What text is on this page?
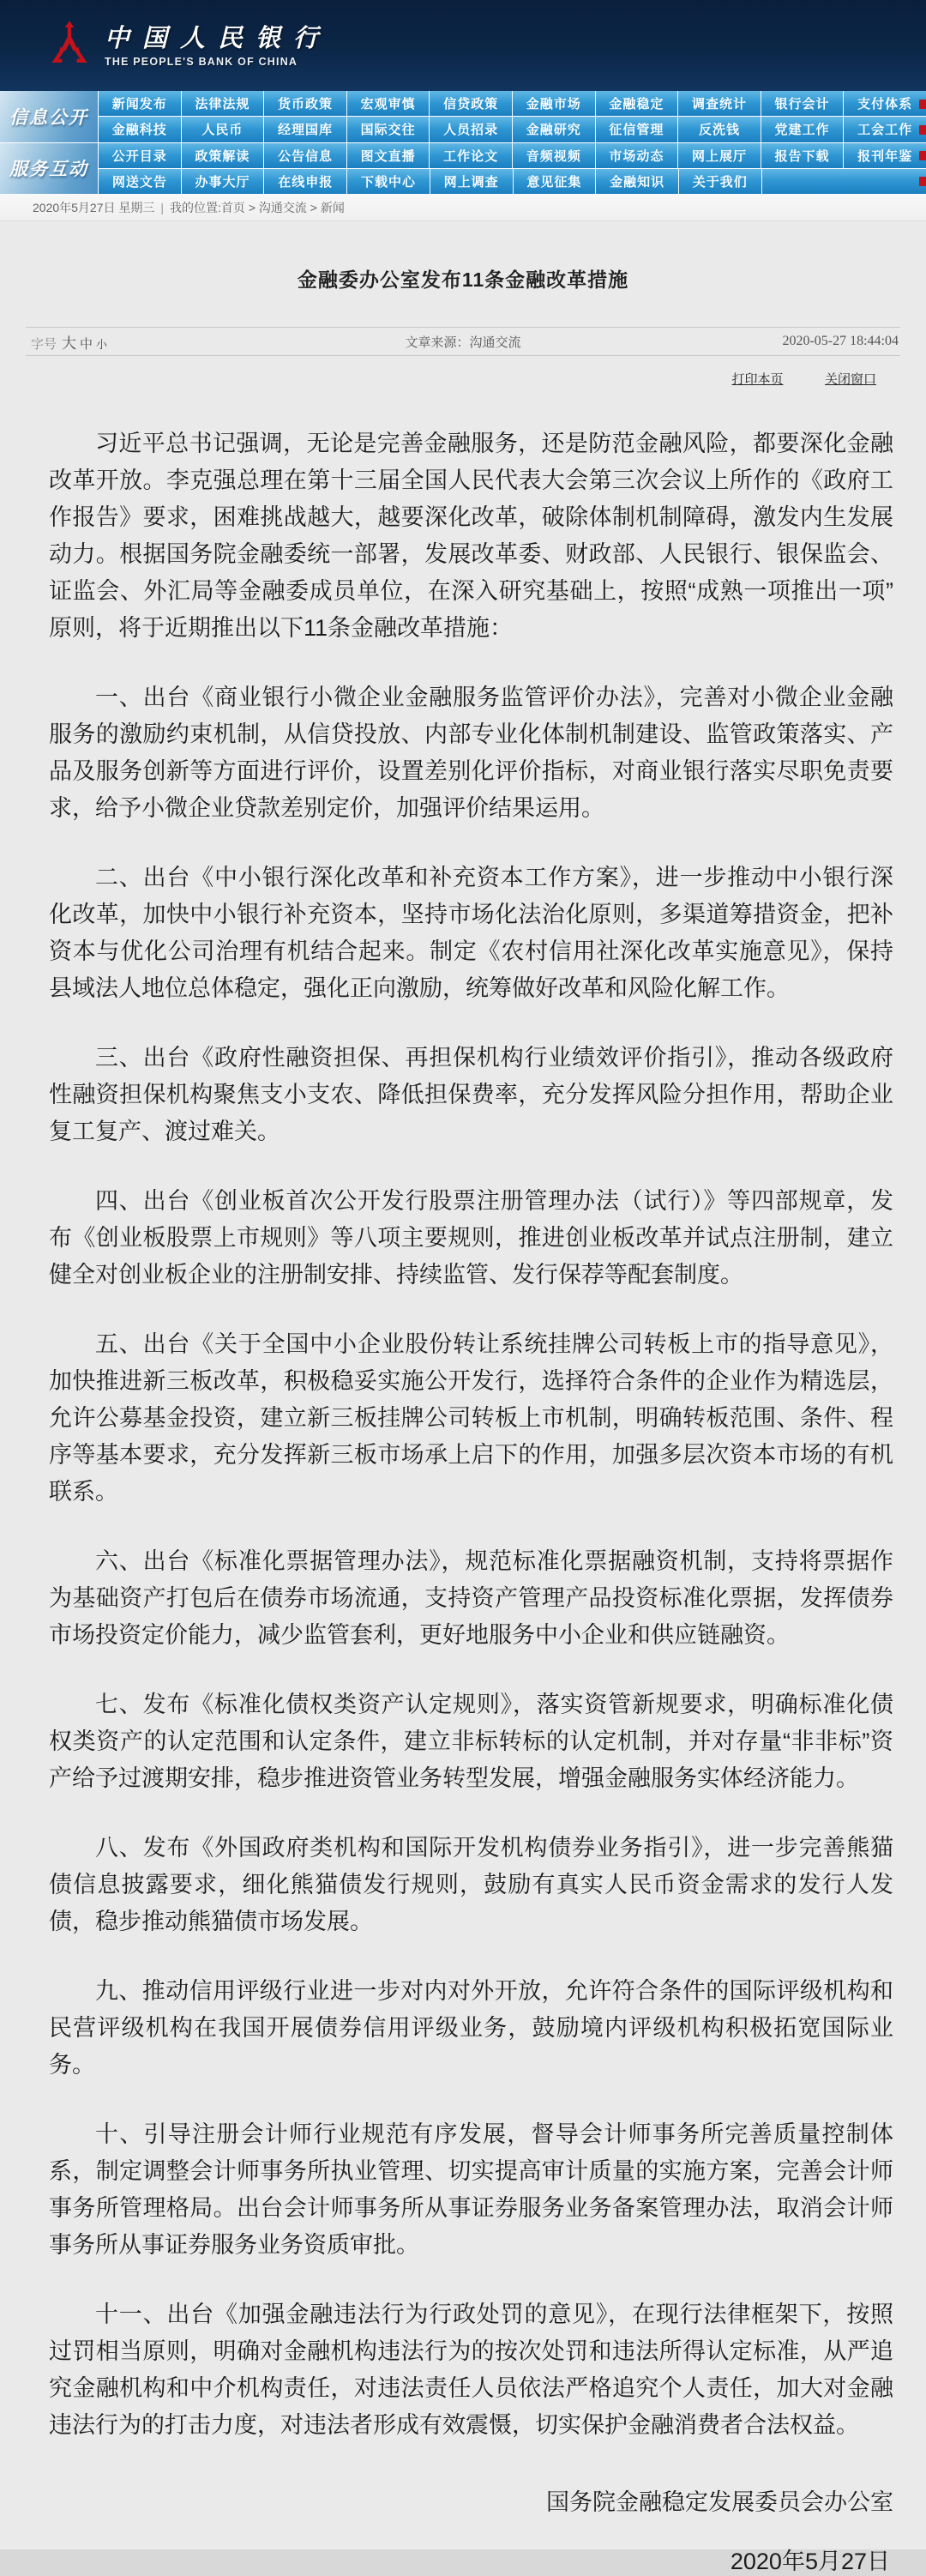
中国人民银行
THE PEOPLE'S BANK OF CHINA
信息公开
服务互动
新闻发布	法律法规	货币政策	宏观审慎	信贷政策	金融市场	金融稳定	调查统计	银行会计	支付体系
金融科技	人民币	经理国库	国际交往	人员招录	金融研究	征信管理	反洗钱	党建工作	工会工作
公开目录	政策解读	公告信息	图文直播	工作论文	音频视频	市场动态	网上展厅	报告下载	报刊年鉴
网送文告	办事大厅	在线申报	下载中心	网上调查	意见征集	金融知识	关于我们
2020年5月27日 星期三 | 我的位置:首页 > 沟通交流 > 新闻
金融委办公室发布11条金融改革措施
字号 大 中 小	文章来源：沟通交流	2020-05-27 18:44:04
打印本页	关闭窗口

习近平总书记强调，无论是完善金融服务，还是防范金融风险，都要深化金融改革开放。李克强总理在第十三届全国人民代表大会第三次会议上所作的《政府工作报告》要求，困难挑战越大，越要深化改革，破除体制机制障碍，激发内生发展动力。根据国务院金融委统一部署，发展改革委、财政部、人民银行、银保监会、证监会、外汇局等金融委成员单位，在深入研究基础上，按照“成熟一项推出一项”原则，将于近期推出以下11条金融改革措施：

一、出台《商业银行小微企业金融服务监管评价办法》，完善对小微企业金融服务的激励约束机制，从信贷投放、内部专业化体制机制建设、监管政策落实、产品及服务创新等方面进行评价，设置差别化评价指标，对商业银行落实尽职免责要求，给予小微企业贷款差别定价，加强评价结果运用。

二、出台《中小银行深化改革和补充资本工作方案》，进一步推动中小银行深化改革，加快中小银行补充资本，坚持市场化法治化原则，多渠道筹措资金，把补资本与优化公司治理有机结合起来。制定《农村信用社深化改革实施意见》，保持县域法人地位总体稳定，强化正向激励，统筹做好改革和风险化解工作。

三、出台《政府性融资担保、再担保机构行业绩效评价指引》，推动各级政府性融资担保机构聚焦支小支农、降低担保费率，充分发挥风险分担作用，帮助企业复工复产、渡过难关。

四、出台《创业板首次公开发行股票注册管理办法（试行）》等四部规章，发布《创业板股票上市规则》等八项主要规则，推进创业板改革并试点注册制，建立健全对创业板企业的注册制安排、持续监管、发行保荐等配套制度。

五、出台《关于全国中小企业股份转让系统挂牌公司转板上市的指导意见》，加快推进新三板改革，积极稳妥实施公开发行，选择符合条件的企业作为精选层，允许公募基金投资，建立新三板挂牌公司转板上市机制，明确转板范围、条件、程序等基本要求，充分发挥新三板市场承上启下的作用，加强多层次资本市场的有机联系。

六、出台《标准化票据管理办法》，规范标准化票据融资机制，支持将票据作为基础资产打包后在债券市场流通，支持资产管理产品投资标准化票据，发挥债券市场投资定价能力，减少监管套利，更好地服务中小企业和供应链融资。

七、发布《标准化债权类资产认定规则》，落实资管新规要求，明确标准化债权类资产的认定范围和认定条件，建立非标转标的认定机制，并对存量“非非标”资产给予过渡期安排，稳步推进资管业务转型发展，增强金融服务实体经济能力。

八、发布《外国政府类机构和国际开发机构债券业务指引》，进一步完善熊猫债信息披露要求，细化熊猫债发行规则，鼓励有真实人民币资金需求的发行人发债，稳步推动熊猫债市场发展。

九、推动信用评级行业进一步对内对外开放，允许符合条件的国际评级机构和民营评级机构在我国开展债券信用评级业务，鼓励境内评级机构积极拓宽国际业务。

十、引导注册会计师行业规范有序发展，督导会计师事务所完善质量控制体系，制定调整会计师事务所执业管理、切实提高审计质量的实施方案，完善会计师事务所管理格局。出台会计师事务所从事证券服务业务备案管理办法，取消会计师事务所从事证券服务业务资质审批。

十一、出台《加强金融违法行为行政处罚的意见》，在现行法律框架下，按照过罚相当原则，明确对金融机构违法行为的按次处罚和违法所得认定标准，从严追究金融机构和中介机构责任，对违法责任人员依法严格追究个人责任，加大对金融违法行为的打击力度，对违法者形成有效震慑，切实保护金融消费者合法权益。

国务院金融稳定发展委员会办公室
2020年5月27日
